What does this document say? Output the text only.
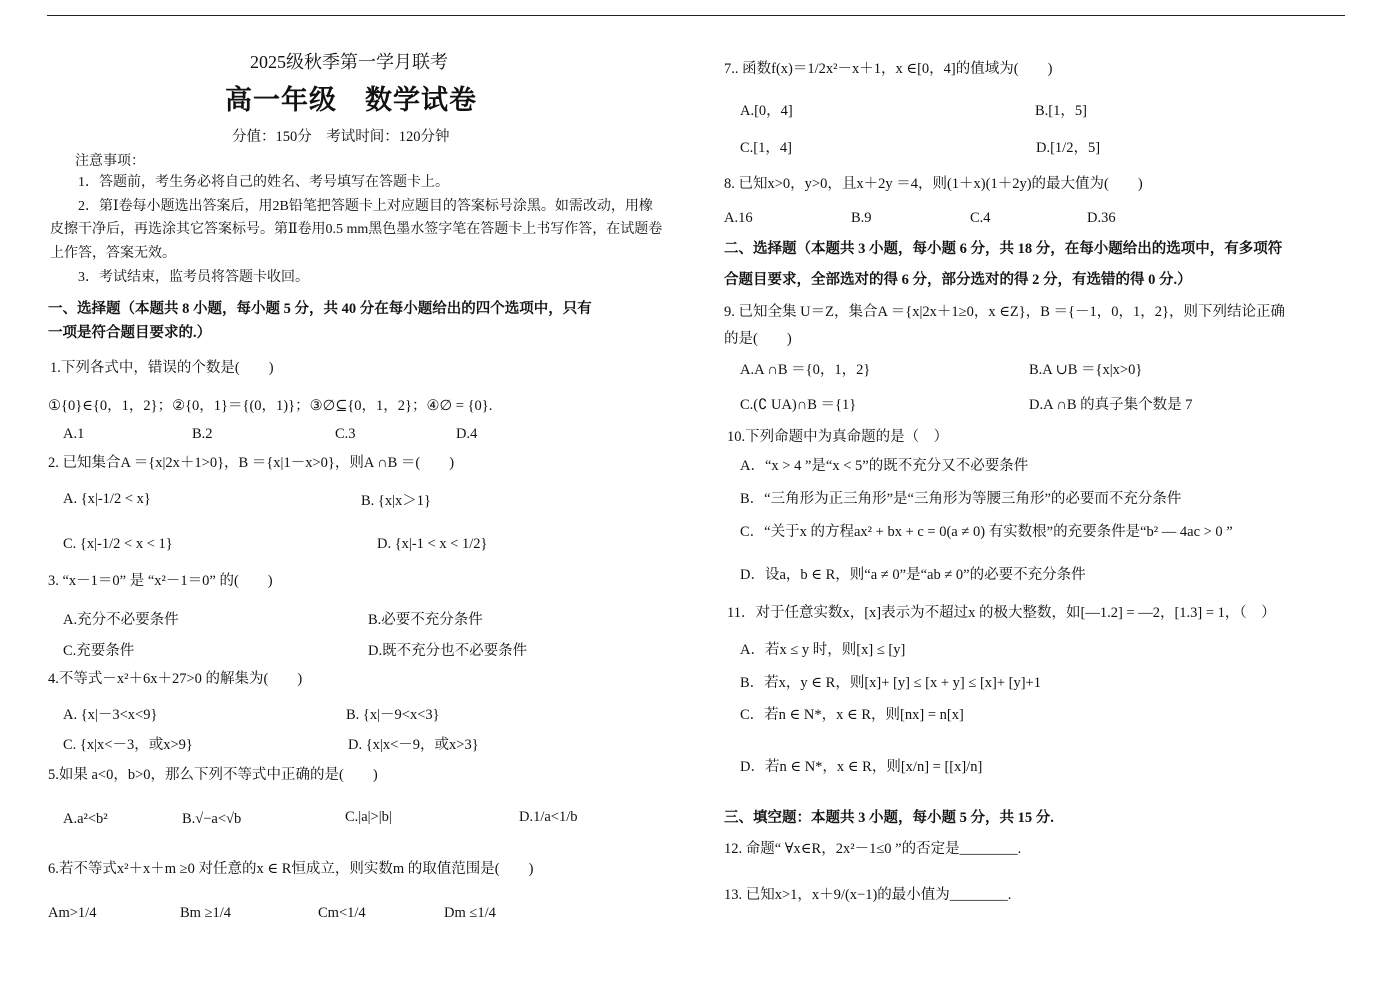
2025级秋季第一学月联考
高一年级　数学试卷
分值：150分　考试时间：120分钟
注意事项：
1．答题前，考生务必将自己的姓名、考号填写在答题卡上。
2．第Ⅰ卷每小题选出答案后，用2B铅笔把答题卡上对应题目的答案标号涂黑。如需改动，用橡
皮擦干净后，再选涂其它答案标号。第Ⅱ卷用0.5 mm黑色墨水签字笔在答题卡上书写作答，在试题卷
上作答，答案无效。
3．考试结束，监考员将答题卡收回。
一、选择题（本题共 8 小题，每小题 5 分，共 40 分在每小题给出的四个选项中，只有
一项是符合题目要求的.）
1.下列各式中，错误的个数是(　　)
①{0}∈{0，1，2}；②{0，1}＝{(0，1)}；③∅⊆{0，1，2}；④∅ = {0}.
A.1	B.2	C.3	D.4
2. 已知集合A ＝{x|2x＋1>0}，B ＝{x|1－x>0}，则A ∩B ＝(　　)
A. {x|-1/2 < x}	B. {x|x＞1}
C. {x|-1/2 < x < 1}	D. {x|-1 < x < 1/2}
3. “x－1＝0” 是 “x²－1＝0” 的(　　)
A.充分不必要条件	B.必要不充分条件
C.充要条件	D.既不充分也不必要条件
4.不等式－x²＋6x＋27>0 的解集为(　　)
A. {x|－3<x<9}	B. {x|－9<x<3}
C. {x|x<－3，或x>9}	D. {x|x<－9，或x>3}
5.如果 a<0，b>0，那么下列不等式中正确的是(　　)
A.a²<b²	B.√−a<√b	C.|a|>|b|	D.1/a<1/b
6.若不等式x²＋x＋m ≥0 对任意的x ∈ R恒成立，则实数m 的取值范围是(　　)
Am>1/4	Bm ≥1/4	Cm<1/4	Dm ≤1/4
7.. 函数f(x)＝1/2x²－x＋1，x ∈[0，4]的值域为(　　)
A.[0，4]	B.[1，5]
C.[1，4]	D.[1/2，5]
8. 已知x>0，y>0，且x＋2y ＝4，则(1＋x)(1＋2y)的最大值为(　　)
A.16	B.9	C.4	D.36
二、选择题（本题共 3 小题，每小题 6 分，共 18 分，在每小题给出的选项中，有多项符
合题目要求，全部选对的得 6 分，部分选对的得 2 分，有选错的得 0 分.）
9. 已知全集 U＝Z，集合A ＝{x|2x＋1≥0，x ∈Z}，B ＝{－1，0，1，2}，则下列结论正确
的是(　　)
A.A ∩B ＝{0，1，2}	B.A ∪B ＝{x|x>0}
C.(∁ UA)∩B ＝{1}	D.A ∩B 的真子集个数是 7
10.下列命题中为真命题的是（　）
A．“x > 4 ”是“x < 5”的既不充分又不必要条件
B．“三角形为正三角形”是“三角形为等腰三角形”的必要而不充分条件
C．“关于x 的方程ax² + bx + c = 0(a ≠ 0) 有实数根”的充要条件是“b² — 4ac > 0 ”
D．设a，b ∈ R，则“a ≠ 0”是“ab ≠ 0”的必要不充分条件
11．对于任意实数x，[x]表示为不超过x 的极大整数，如[—1.2] = —2，[1.3] = 1，（　）
A．若x ≤ y 时，则[x] ≤ [y]
B．若x，y ∈ R，则[x]+ [y] ≤ [x + y] ≤ [x]+ [y]+1
C．若n ∈ N*，x ∈ R，则[nx] = n[x]
D．若n ∈ N*，x ∈ R，则[x/n] = [[x]/n]
三、填空题：本题共 3 小题，每小题 5 分，共 15 分.
12. 命题“ ∀x∈R，2x²－1≤0 ”的否定是________.
13. 已知x>1，x＋9/(x−1)的最小值为________.
